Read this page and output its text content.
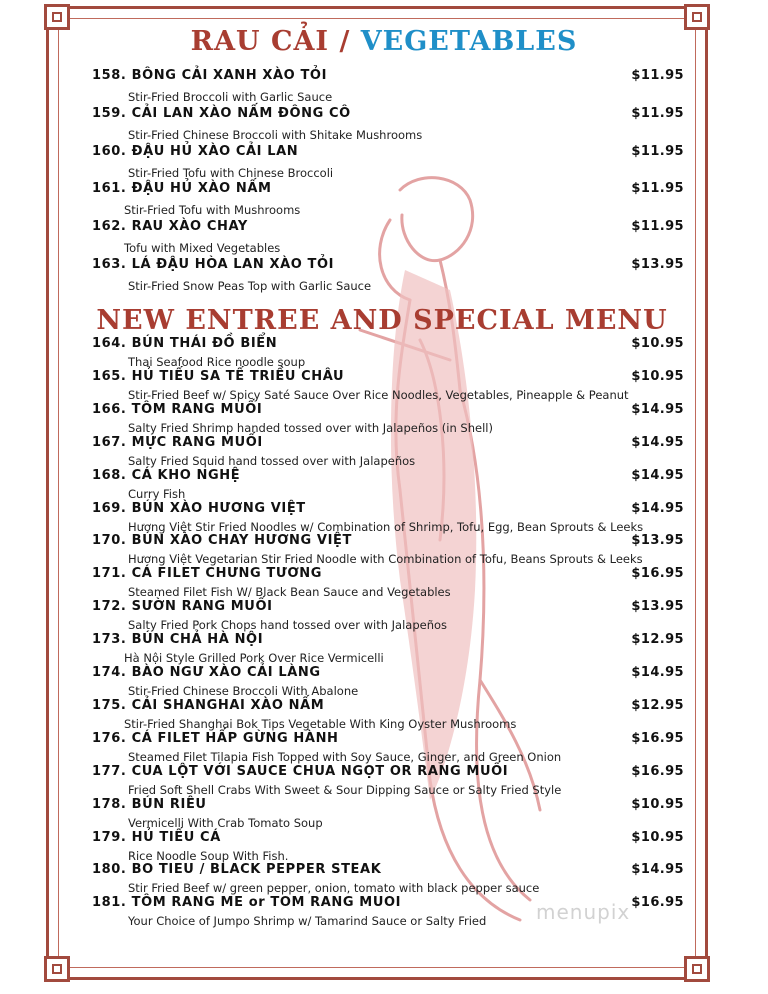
RAU CẢI / VEGETABLES
158. BÔNG CẢI XANH XÀO TỎI	$11.95
Stir-Fried Broccoli with Garlic Sauce
159. CẢI LAN XÀO NẤM ĐÔNG CÔ	$11.95
Stir-Fried Chinese Broccoli with Shitake Mushrooms
160. ĐẬU HỦ XÀO CẢI LAN	$11.95
Stir-Fried Tofu with Chinese Broccoli
161. ĐẬU HỦ XÀO NẤM	$11.95
Stir-Fried Tofu with Mushrooms
162. RAU XÀO CHAY	$11.95
Tofu with Mixed Vegetables
163. LÁ ĐẬU HÒA LAN XÀO TỎI	$13.95
Stir-Fried Snow Peas Top with Garlic Sauce
NEW ENTREE AND SPECIAL MENU
164. BÚN THÁI ĐỒ BIỂN	$10.95
Thai Seafood Rice noodle soup
165. HỦ TIẾU SA TẾ TRIỀU CHÂU	$10.95
Stir-Fried Beef w/ Spicy Saté Sauce Over Rice Noodles, Vegetables, Pineapple & Peanut
166. TÔM RANG MUỐI	$14.95
Salty Fried Shrimp handed tossed over with Jalapeños (in Shell)
167. MỰC RANG MUỐI	$14.95
Salty Fried Squid hand tossed over with Jalapeños
168. CÁ KHO NGHỆ	$14.95
Curry Fish
169. BÚN XÀO HƯƠNG VIỆT	$14.95
Hương Việt Stir Fried Noodles w/ Combination of Shrimp, Tofu, Egg, Bean Sprouts & Leeks
170. BÚN XÀO CHAY HƯƠNG VIỆT	$13.95
Hương Việt Vegetarian Stir Fried Noodle with Combination of Tofu, Beans Sprouts & Leeks
171. CÁ FILET CHƯNG TƯƠNG	$16.95
Steamed Filet Fish W/ Black Bean Sauce and Vegetables
172. SƯỜN RANG MUỐI	$13.95
Salty Fried Pork Chops hand tossed over with Jalapeños
173. BÚN CHẢ HÀ NỘI	$12.95
Hà Nội Style Grilled Pork Over Rice Vermicelli
174. BÀO NGƯ XÀO CẢI LÀNG	$14.95
Stir-Fried Chinese Broccoli With Abalone
175. CẢI SHANGHAI XÀO NẤM	$12.95
Stir-Fried Shanghai Bok Tips Vegetable With King Oyster Mushrooms
176. CÁ FILET HẤP GỪNG HÀNH	$16.95
Steamed Filet Tilapia Fish Topped with Soy Sauce, Ginger, and Green Onion
177. CUA LỘT VỚI SAUCE CHUA NGỌT OR RANG MUỐI	$16.95
Fried Soft Shell Crabs With Sweet & Sour Dipping Sauce or Salty Fried Style
178. BÚN RIÊU	$10.95
Vermicelli With Crab Tomato Soup
179. HỦ TIẾU CÁ	$10.95
Rice Noodle Soup With Fish.
180. BO TIEU / BLACK PEPPER STEAK	$14.95
Stir Fried Beef w/ green pepper, onion, tomato with black pepper sauce
181. TÔM RANG ME or TOM RANG MUOI	$16.95
Your Choice of Jumpo Shrimp w/ Tamarind Sauce or Salty Fried menupix
